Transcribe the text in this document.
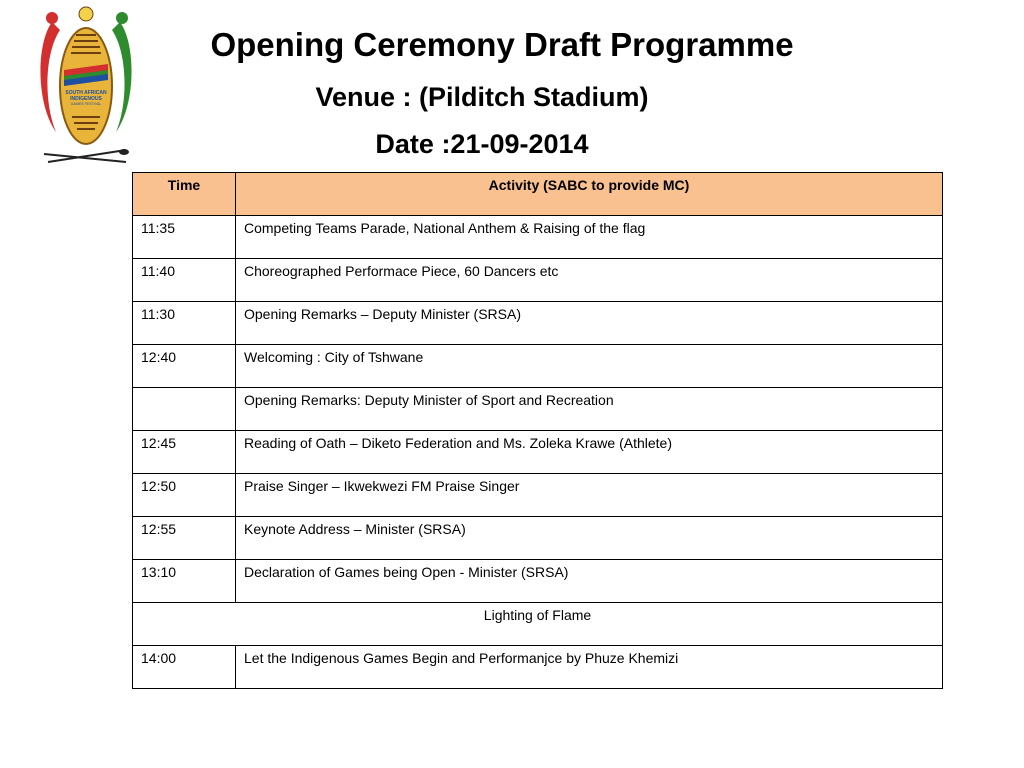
SOUTH AFRICAN
INDIGENOUS
GAMES FESTIVAL
Opening Ceremony Draft Programme
Venue : (Pilditch Stadium)
Date :21-09-2014
Time	Activity (SABC to provide MC)
11:35	Competing Teams Parade, National Anthem & Raising of the flag
11:40	Choreographed Performace Piece, 60 Dancers etc
11:30	Opening Remarks – Deputy Minister (SRSA)
12:40	Welcoming : City of Tshwane
	Opening Remarks: Deputy Minister of Sport and Recreation
12:45	Reading of Oath – Diketo Federation and Ms. Zoleka Krawe (Athlete)
12:50	Praise Singer – Ikwekwezi FM Praise Singer
12:55	Keynote Address – Minister (SRSA)
13:10	Declaration of Games being Open - Minister (SRSA)
Lighting of Flame	
14:00	Let the Indigenous Games Begin and Performanjce by Phuze Khemizi
